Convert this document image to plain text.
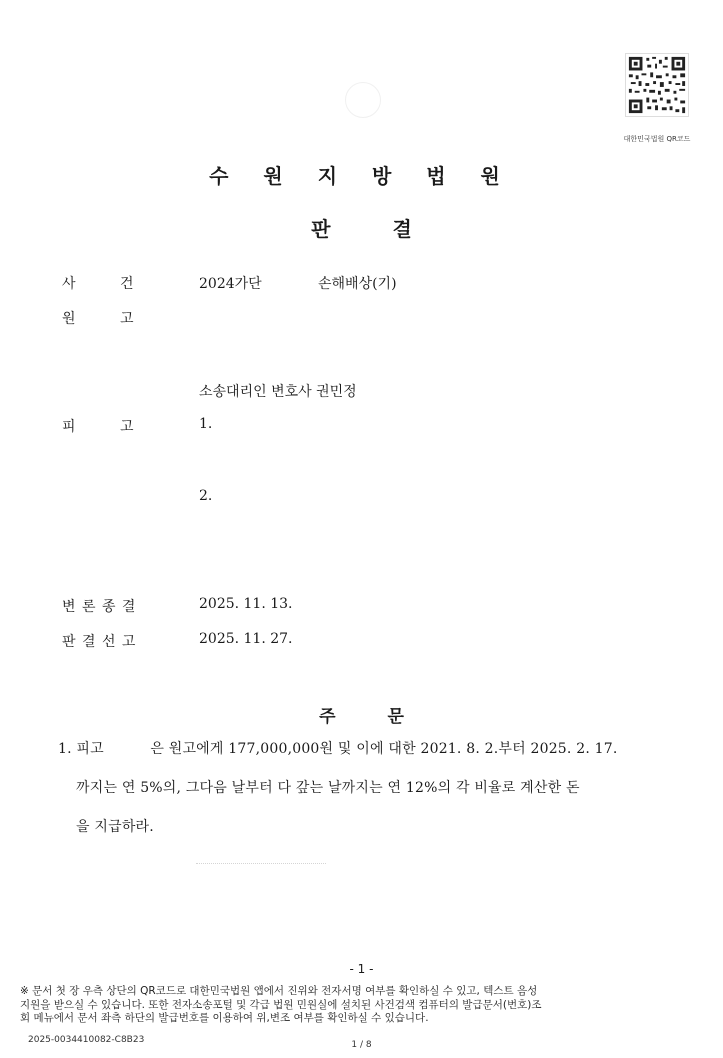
대한민국법원 QR코드
수 원 지 방 법 원
판	결
사          건	2024가단	손해배상(기)
원          고
소송대리인 변호사 권민정
피          고	1.
2.
변 론 종 결	2025. 11. 13.
판 결 선 고	2025. 11. 27.
주	문
1. 피고          은 원고에게 177,000,000원 및 이에 대한 2021. 8. 2.부터 2025. 2. 17.
까지는 연 5%의, 그다음 날부터 다 갚는 날까지는 연 12%의 각 비율로 계산한 돈
을 지급하라.
- 1 -
※ 문서 첫 장 우측 상단의 QR코드로 대한민국법원 앱에서 진위와 전자서명 여부를 확인하실 수 있고, 텍스트 음성
지원을 받으실 수 있습니다. 또한 전자소송포털 및 각급 법원 민원실에 설치된 사건검색 컴퓨터의 발급문서(번호)조
회 메뉴에서 문서 좌측 하단의 발급번호를 이용하여 위,변조 여부를 확인하실 수 있습니다.
2025-0034410082-C8B23	1 / 8
